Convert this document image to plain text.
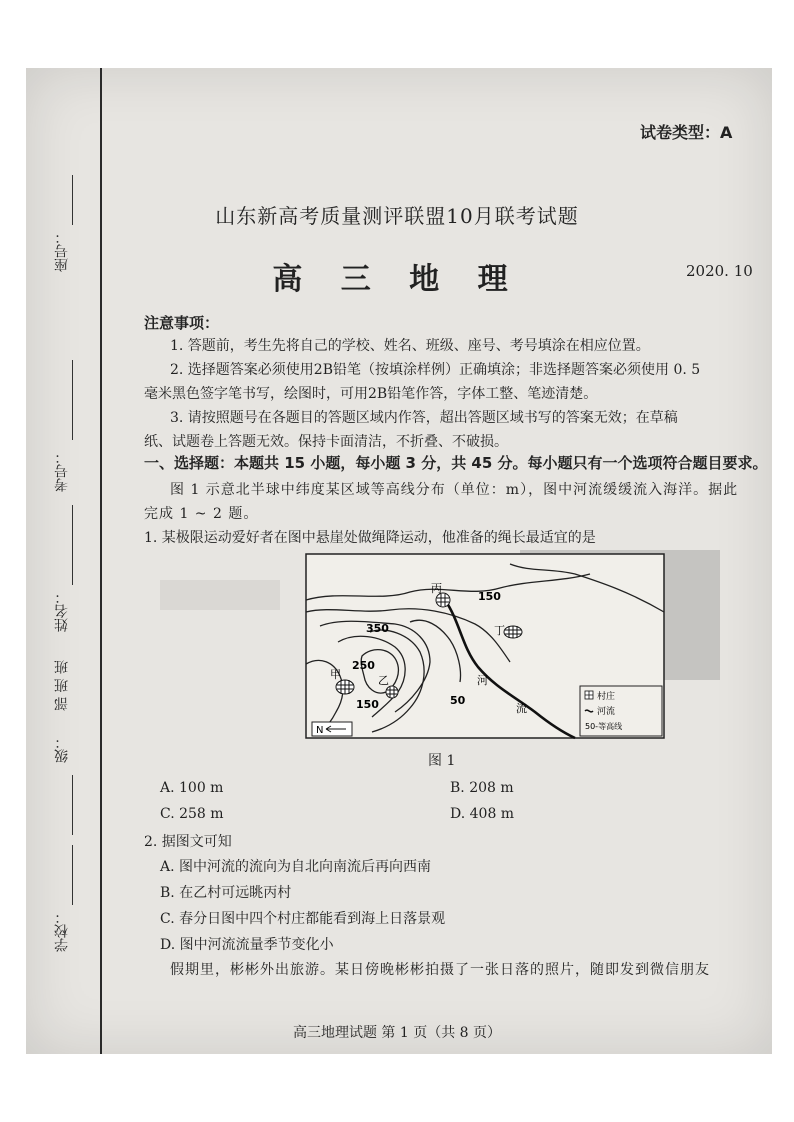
学校：
级：
部 班 班
姓名：
考号：
座号：
试卷类型：A
山东新高考质量测评联盟10月联考试题
高 三 地 理	2020. 10
注意事项：
1. 答题前，考生先将自己的学校、姓名、班级、座号、考号填涂在相应位置。
2. 选择题答案必须使用2B铅笔（按填涂样例）正确填涂；非选择题答案必须使用 0. 5
毫米黑色签字笔书写，绘图时，可用2B铅笔作答，字体工整、笔迹清楚。
3. 请按照题号在各题目的答题区域内作答，超出答题区域书写的答案无效；在草稿
纸、试题卷上答题无效。保持卡面清洁，不折叠、不破损。
一、选择题：本题共 15 小题，每小题 3 分，共 45 分。每小题只有一个选项符合题目要求。
图 1 示意北半球中纬度某区域等高线分布（单位：m），图中河流缓缓流入海洋。据此
完成 1 ~ 2 题。
1. 某极限运动爱好者在图中悬崖处做绳降运动，他准备的绳长最适宜的是
丙
150
丁
350
250
甲	乙
150	50
河
流
N
村庄
河流
50-等高线
图 1
A. 100 m	B. 208 m
C. 258 m	D. 408 m
2. 据图文可知
A. 图中河流的流向为自北向南流后再向西南
B. 在乙村可远眺丙村
C. 春分日图中四个村庄都能看到海上日落景观
D. 图中河流流量季节变化小
假期里，彬彬外出旅游。某日傍晚彬彬拍摄了一张日落的照片，随即发到微信朋友
高三地理试题 第 1 页（共 8 页）
